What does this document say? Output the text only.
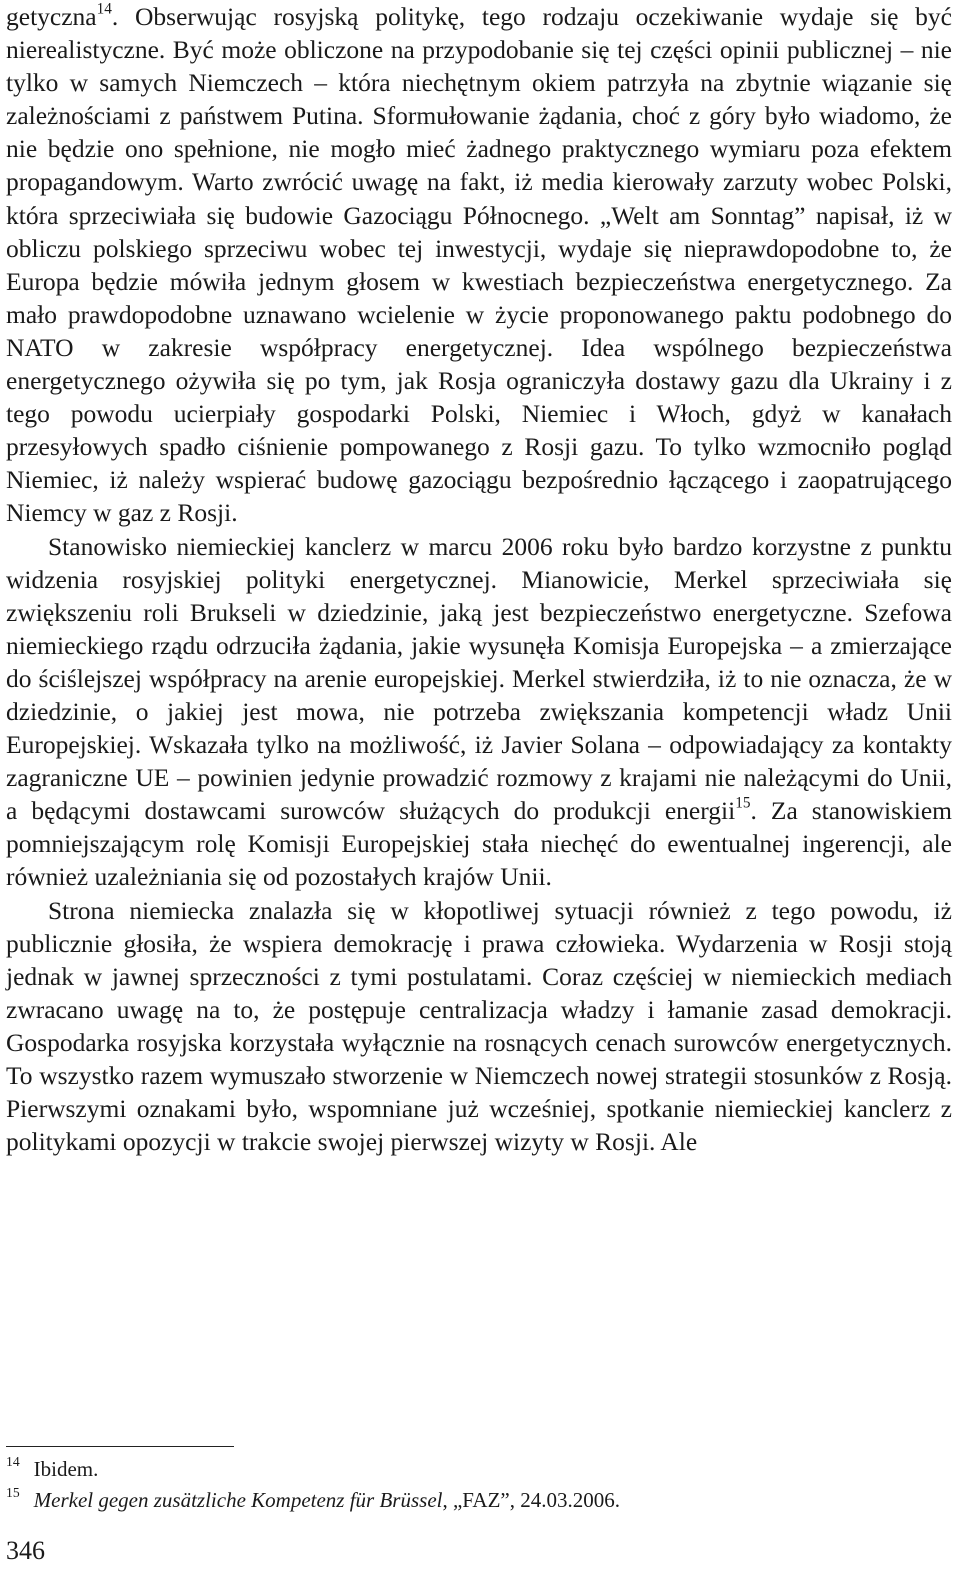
getyczna$^{14}$. Obserwując rosyjską politykę, tego rodzaju oczekiwanie wydaje się być nierealistyczne. Być może obliczone na przypodobanie się tej części opinii publicznej – nie tylko w samych Niemczech – która niechętnym okiem patrzyła na zbytnie wiązanie się zależnościami z państwem Putina. Sformułowanie żądania, choć z góry było wiadomo, że nie będzie ono spełnione, nie mogło mieć żadnego praktycznego wymiaru poza efektem propagandowym. Warto zwrócić uwagę na fakt, iż media kierowały zarzuty wobec Polski, która sprzeciwiała się budowie Gazociągu Północnego. „Welt am Sonntag” napisał, iż w obliczu polskiego sprzeciwu wobec tej inwestycji, wydaje się nieprawdopodobne to, że Europa będzie mówiła jednym głosem w kwestiach bezpieczeństwa energetycznego. Za mało prawdopodobne uznawano wcielenie w życie proponowanego paktu podobnego do NATO w zakresie współpracy energetycznej. Idea wspólnego bezpieczeństwa energetycznego ożywiła się po tym, jak Rosja ograniczyła dostawy gazu dla Ukrainy i z tego powodu ucierpiały gospodarki Polski, Niemiec i Włoch, gdyż w kanałach przesyłowych spadło ciśnienie pompowanego z Rosji gazu. To tylko wzmocniło pogląd Niemiec, iż należy wspierać budowę gazociągu bezpośrednio łączącego i zaopatrującego Niemcy w gaz z Rosji.

Stanowisko niemieckiej kanclerz w marcu 2006 roku było bardzo korzystne z punktu widzenia rosyjskiej polityki energetycznej. Mianowicie, Merkel sprzeciwiała się zwiększeniu roli Brukseli w dziedzinie, jaką jest bezpieczeństwo energetyczne. Szefowa niemieckiego rządu odrzuciła żądania, jakie wysunęła Komisja Europejska – a zmierzające do ściślejszej współpracy na arenie europejskiej. Merkel stwierdziła, iż to nie oznacza, że w dziedzinie, o jakiej jest mowa, nie potrzeba zwiększania kompetencji władz Unii Europejskiej. Wskazała tylko na możliwość, iż Javier Solana – odpowiadający za kontakty zagraniczne UE – powinien jedynie prowadzić rozmowy z krajami nie należącymi do Unii, a będącymi dostawcami surowców służących do produkcji energii$^{15}$. Za stanowiskiem pomniejszającym rolę Komisji Europejskiej stała niechęć do ewentualnej ingerencji, ale również uzależniania się od pozostałych krajów Unii.

Strona niemiecka znalazła się w kłopotliwej sytuacji również z tego powodu, iż publicznie głosiła, że wspiera demokrację i prawa człowieka. Wydarzenia w Rosji stoją jednak w jawnej sprzeczności z tymi postulatami. Coraz częściej w niemieckich mediach zwracano uwagę na to, że postępuje centralizacja władzy i łamanie zasad demokracji. Gospodarka rosyjska korzystała wyłącznie na rosnących cenach surowców energetycznych. To wszystko razem wymuszało stworzenie w Niemczech nowej strategii stosunków z Rosją. Pierwszymi oznakami było, wspomniane już wcześniej, spotkanie niemieckiej kanclerz z politykami opozycji w trakcie swojej pierwszej wizyty w Rosji. Ale

$^{14}$ Ibidem.

$^{15}$ Merkel gegen zusätzliche Kompetenz für Brüssel, „FAZ”, 24.03.2006.

346
